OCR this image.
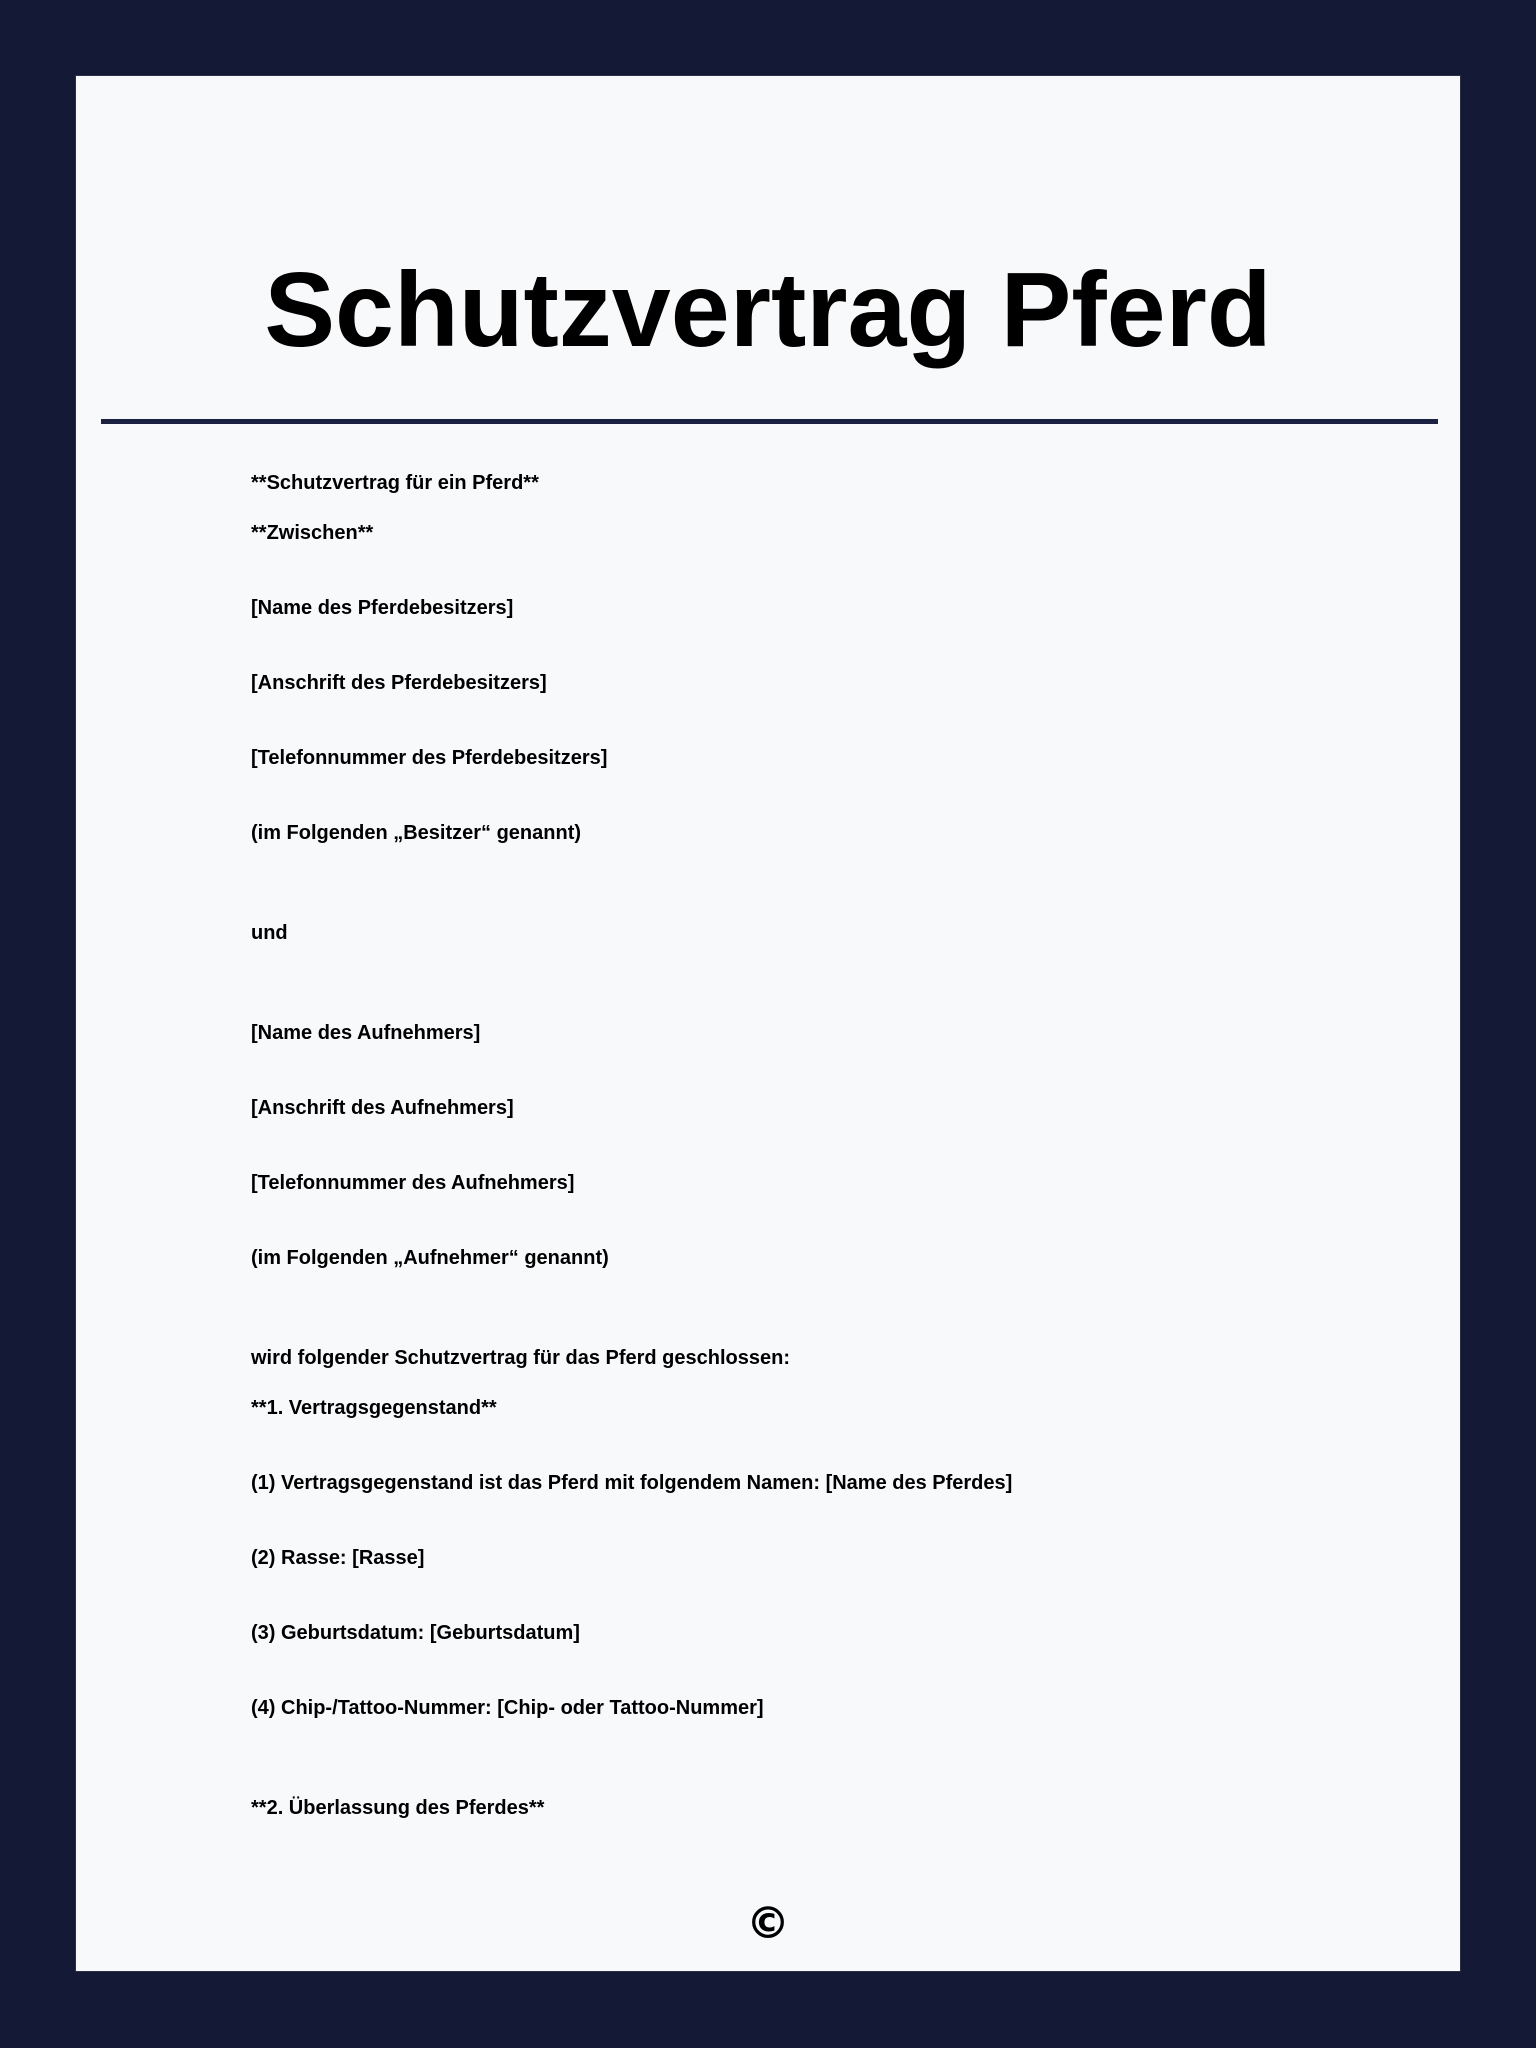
Schutzvertrag Pferd
**Schutzvertrag für ein Pferd**
**Zwischen**
[Name des Pferdebesitzers]
[Anschrift des Pferdebesitzers]
[Telefonnummer des Pferdebesitzers]
(im Folgenden „Besitzer“ genannt)
und
[Name des Aufnehmers]
[Anschrift des Aufnehmers]
[Telefonnummer des Aufnehmers]
(im Folgenden „Aufnehmer“ genannt)
wird folgender Schutzvertrag für das Pferd geschlossen:
**1. Vertragsgegenstand**
(1) Vertragsgegenstand ist das Pferd mit folgendem Namen: [Name des Pferdes]
(2) Rasse: [Rasse]
(3) Geburtsdatum: [Geburtsdatum]
(4) Chip-/Tattoo-Nummer: [Chip- oder Tattoo-Nummer]
**2. Überlassung des Pferdes**
©
